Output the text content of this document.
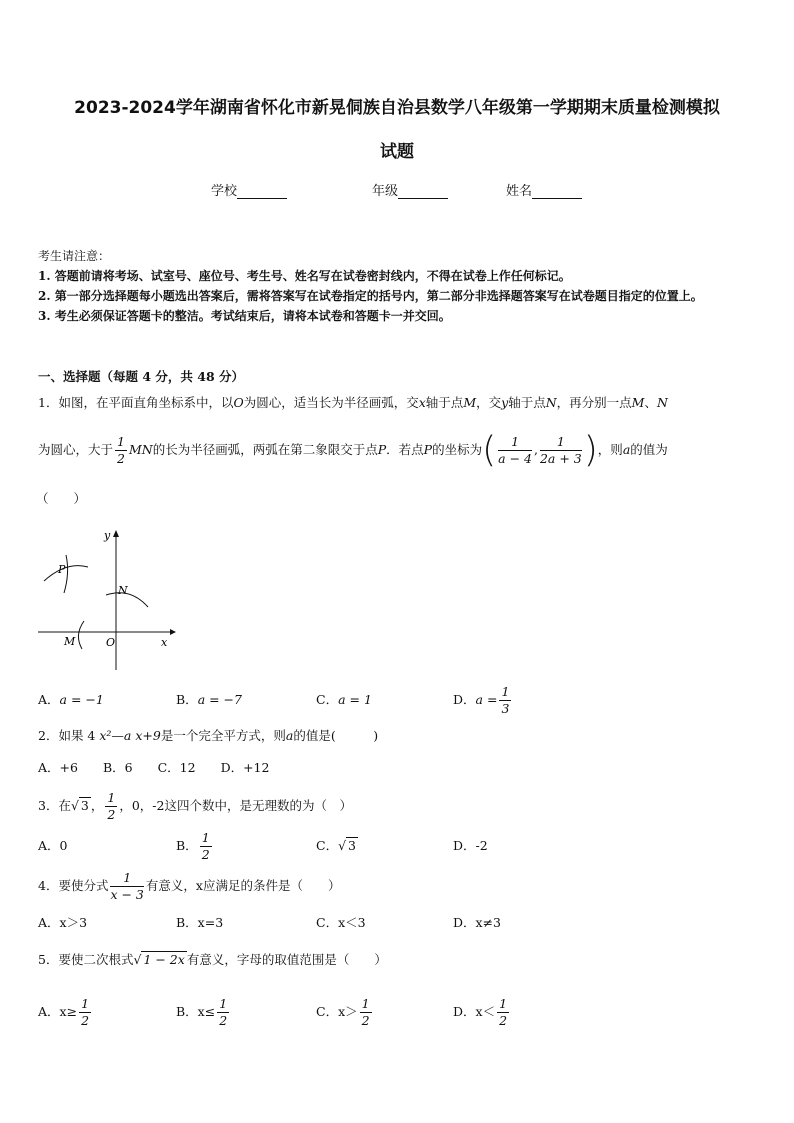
2023-2024学年湖南省怀化市新晃侗族自治县数学八年级第一学期期末质量检测模拟
试题
学校	年级	姓名
考生请注意：
1. 答题前请将考场、试室号、座位号、考生号、姓名写在试卷密封线内，不得在试卷上作任何标记。
2. 第一部分选择题每小题选出答案后，需将答案写在试卷指定的括号内，第二部分非选择题答案写在试卷题目指定的位置上。
3. 考生必须保证答题卡的整洁。考试结束后，请将本试卷和答题卡一并交回。
一、选择题（每题 4 分，共 48 分）
1．如图，在平面直角坐标系中，以O为圆心，适当长为半径画弧，交x轴于点M，交y轴于点N，再分别一点M、N
为圆心，大于 $\frac{1}{2}$ MN的长为半径画弧，两弧在第二象限交于点P．若点P的坐标为( $\frac{1}{a - 4}$ , $\frac{1}{2a + 3}$ )，则a的值为
（　　）
y
x
O
M
N
P
A．a = −1	B．a = −7	C．a = 1	D．$a = \frac{1}{3}$
2．如果 4 x²—a x+9是一个完全平方式，则a的值是(　　　)
A．+6　　B．6　　C．12　　D．+12
3．在√ 3 ， $\frac{1}{2}$ ，0，-2这四个数中，是无理数的为（　）
A．0	B． $\frac{1}{2}$	C．√ 3	D．-2
4．要使分式 $\frac{1}{x - 3}$ 有意义，x应满足的条件是（　　）
A．x＞3	B．x=3	C．x＜3	D．x≠3
5．要使二次根式√ 1 − 2x 有意义，字母的取值范围是（　　）
A．$x\ge \frac{1}{2}$	B．$x\le \frac{1}{2}$	C．$x> \frac{1}{2}$	D．$x< \frac{1}{2}$
